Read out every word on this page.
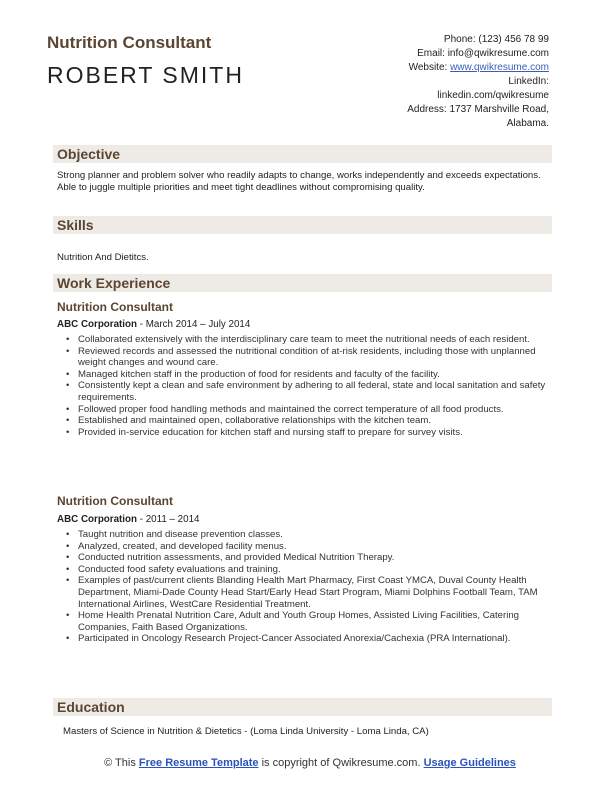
Nutrition Consultant
ROBERT SMITH
Phone: (123) 456 78 99
Email: info@qwikresume.com
Website: www.qwikresume.com
LinkedIn:
linkedin.com/qwikresume
Address: 1737 Marshville Road,
Alabama.
Objective
Strong planner and problem solver who readily adapts to change, works independently and exceeds expectations. Able to juggle multiple priorities and meet tight deadlines without compromising quality.
Skills
Nutrition And Dietitcs.
Work Experience
Nutrition Consultant
ABC Corporation - March 2014 – July 2014
• Collaborated extensively with the interdisciplinary care team to meet the nutritional needs of each resident.
• Reviewed records and assessed the nutritional condition of at-risk residents, including those with unplanned weight changes and wound care.
• Managed kitchen staff in the production of food for residents and faculty of the facility.
• Consistently kept a clean and safe environment by adhering to all federal, state and local sanitation and safety requirements.
• Followed proper food handling methods and maintained the correct temperature of all food products.
• Established and maintained open, collaborative relationships with the kitchen team.
• Provided in-service education for kitchen staff and nursing staff to prepare for survey visits.
Nutrition Consultant
ABC Corporation - 2011 – 2014
• Taught nutrition and disease prevention classes.
• Analyzed, created, and developed facility menus.
• Conducted nutrition assessments, and provided Medical Nutrition Therapy.
• Conducted food safety evaluations and training.
• Examples of past/current clients Blanding Health Mart Pharmacy, First Coast YMCA, Duval County Health Department, Miami-Dade County Head Start/Early Head Start Program, Miami Dolphins Football Team, TAM International Airlines, WestCare Residential Treatment.
• Home Health Prenatal Nutrition Care, Adult and Youth Group Homes, Assisted Living Facilities, Catering Companies, Faith Based Organizations.
• Participated in Oncology Research Project-Cancer Associated Anorexia/Cachexia (PRA International).
Education
Masters of Science in Nutrition & Dietetics - (Loma Linda University - Loma Linda, CA)
© This Free Resume Template is copyright of Qwikresume.com. Usage Guidelines
